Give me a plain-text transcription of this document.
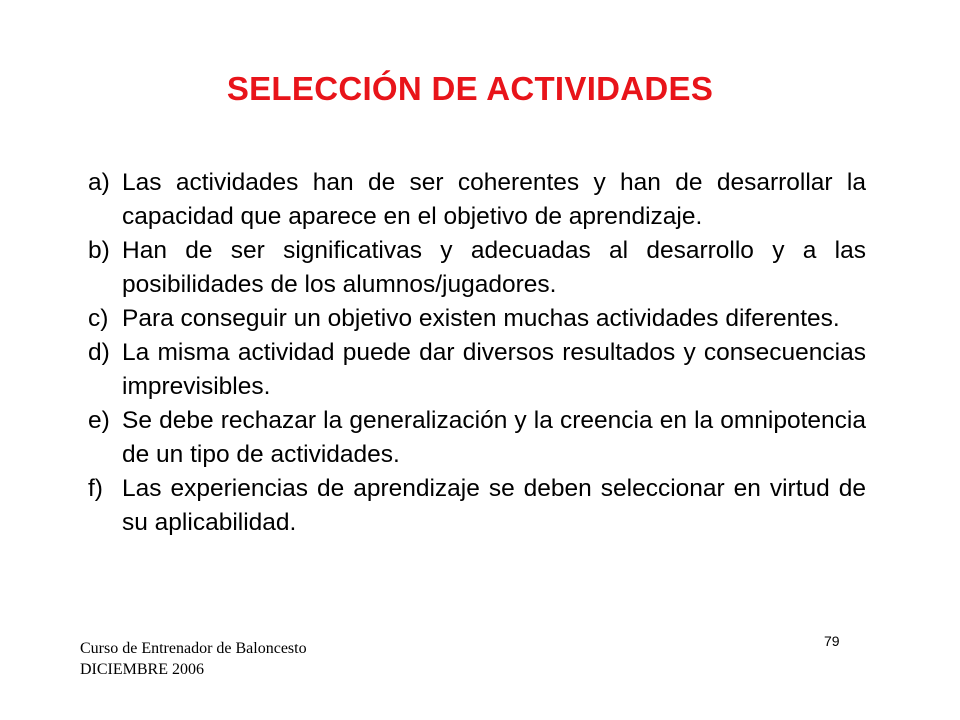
SELECCIÓN DE ACTIVIDADES
a) Las actividades han de ser coherentes y han de desarrollar la capacidad que aparece en el objetivo de aprendizaje.
b) Han de ser significativas y adecuadas al desarrollo y a las posibilidades de los alumnos/jugadores.
c) Para conseguir un objetivo existen muchas actividades diferentes.
d) La misma actividad puede dar diversos resultados y consecuencias imprevisibles.
e) Se debe rechazar la generalización y la creencia en la omnipotencia de un tipo de actividades.
f) Las experiencias de aprendizaje se deben seleccionar en virtud de su aplicabilidad.
Curso de Entrenador de Baloncesto
DICIEMBRE 2006
79
